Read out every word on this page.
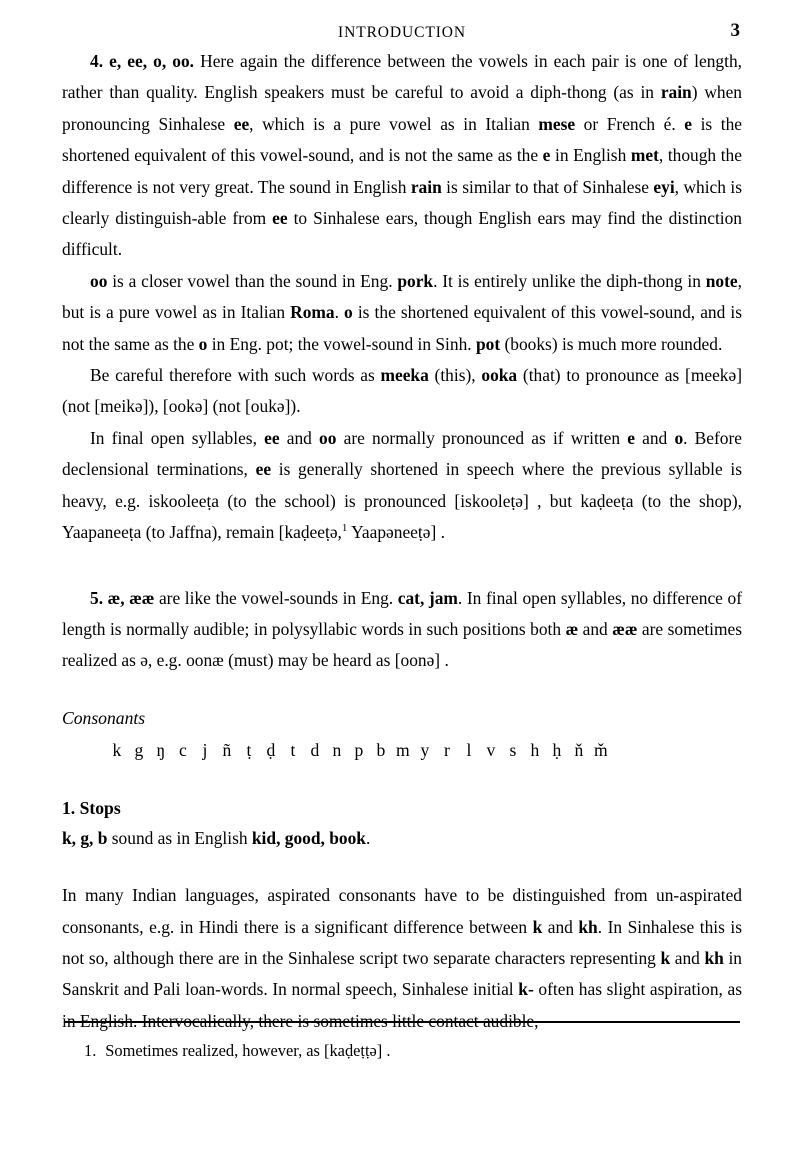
INTRODUCTION	3

4. e, ee, o, oo. Here again the difference between the vowels in each pair is one of length, rather than quality. English speakers must be careful to avoid a diph-thong (as in rain) when pronouncing Sinhalese ee, which is a pure vowel as in Italian mese or French é. e is the shortened equivalent of this vowel-sound, and is not the same as the e in English met, though the difference is not very great. The sound in English rain is similar to that of Sinhalese eyi, which is clearly distinguish-able from ee to Sinhalese ears, though English ears may find the distinction difficult.

oo is a closer vowel than the sound in Eng. pork. It is entirely unlike the diph-thong in note, but is a pure vowel as in Italian Roma. o is the shortened equivalent of this vowel-sound, and is not the same as the o in Eng. pot; the vowel-sound in Sinh. pot (books) is much more rounded.

Be careful therefore with such words as meeka (this), ooka (that) to pronounce as [meekə] (not [meikə]), [ookə] (not [oukə]).

In final open syllables, ee and oo are normally pronounced as if written e and o. Before declensional terminations, ee is generally shortened in speech where the previous syllable is heavy, e.g. iskooleeṭa (to the school) is pronounced [iskooleṭə] , but kaḍeeṭa (to the shop), Yaapaneeṭa (to Jaffna), remain [kaḍeeṭə,$^1$ Yaapəneeṭə] .

5. æ, ææ are like the vowel-sounds in Eng. cat, jam. In final open syllables, no difference of length is normally audible; in polysyllabic words in such positions both æ and ææ are sometimes realized as ə, e.g. oonæ (must) may be heard as [oonə] .

Consonants

k g ŋ c j ñ ṭ ḍ t d n p b m y r l v s h ḥ ň m̌

1. Stops

k, g, b sound as in English kid, good, book.

In many Indian languages, aspirated consonants have to be distinguished from un-aspirated consonants, e.g. in Hindi there is a significant difference between k and kh. In Sinhalese this is not so, although there are in the Sinhalese script two separate characters representing k and kh in Sanskrit and Pali loan-words. In normal speech, Sinhalese initial k- often has slight aspiration, as in English. Intervocalically, there is sometimes little contact audible,

1. Sometimes realized, however, as [kaḍeṭṭə] .
